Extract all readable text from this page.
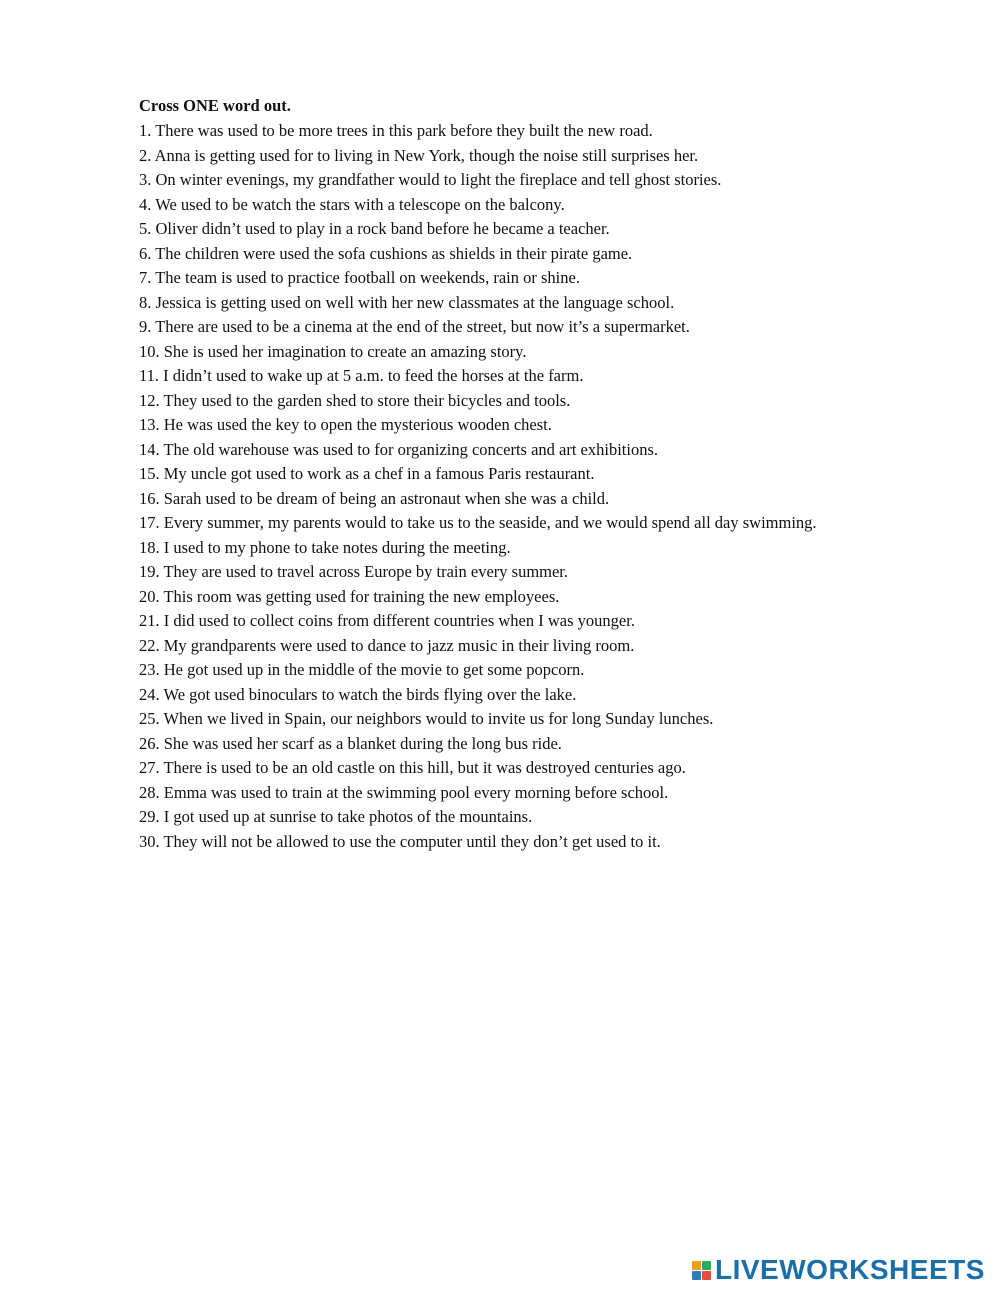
Cross ONE word out.

1. There was used to be more trees in this park before they built the new road.
2. Anna is getting used for to living in New York, though the noise still surprises her.
3. On winter evenings, my grandfather would to light the fireplace and tell ghost stories.
4. We used to be watch the stars with a telescope on the balcony.
5. Oliver didn’t used to play in a rock band before he became a teacher.
6. The children were used the sofa cushions as shields in their pirate game.
7. The team is used to practice football on weekends, rain or shine.
8. Jessica is getting used on well with her new classmates at the language school.
9. There are used to be a cinema at the end of the street, but now it’s a supermarket.
10. She is used her imagination to create an amazing story.
11. I didn’t used to wake up at 5 a.m. to feed the horses at the farm.
12. They used to the garden shed to store their bicycles and tools.
13. He was used the key to open the mysterious wooden chest.
14. The old warehouse was used to for organizing concerts and art exhibitions.
15. My uncle got used to work as a chef in a famous Paris restaurant.
16. Sarah used to be dream of being an astronaut when she was a child.
17. Every summer, my parents would to take us to the seaside, and we would spend all day swimming.
18. I used to my phone to take notes during the meeting.
19. They are used to travel across Europe by train every summer.
20. This room was getting used for training the new employees.
21. I did used to collect coins from different countries when I was younger.
22. My grandparents were used to dance to jazz music in their living room.
23. He got used up in the middle of the movie to get some popcorn.
24. We got used binoculars to watch the birds flying over the lake.
25. When we lived in Spain, our neighbors would to invite us for long Sunday lunches.
26. She was used her scarf as a blanket during the long bus ride.
27. There is used to be an old castle on this hill, but it was destroyed centuries ago.
28. Emma was used to train at the swimming pool every morning before school.
29. I got used up at sunrise to take photos of the mountains.
30. They will not be allowed to use the computer until they don’t get used to it.
LIVEWORKSHEETS
